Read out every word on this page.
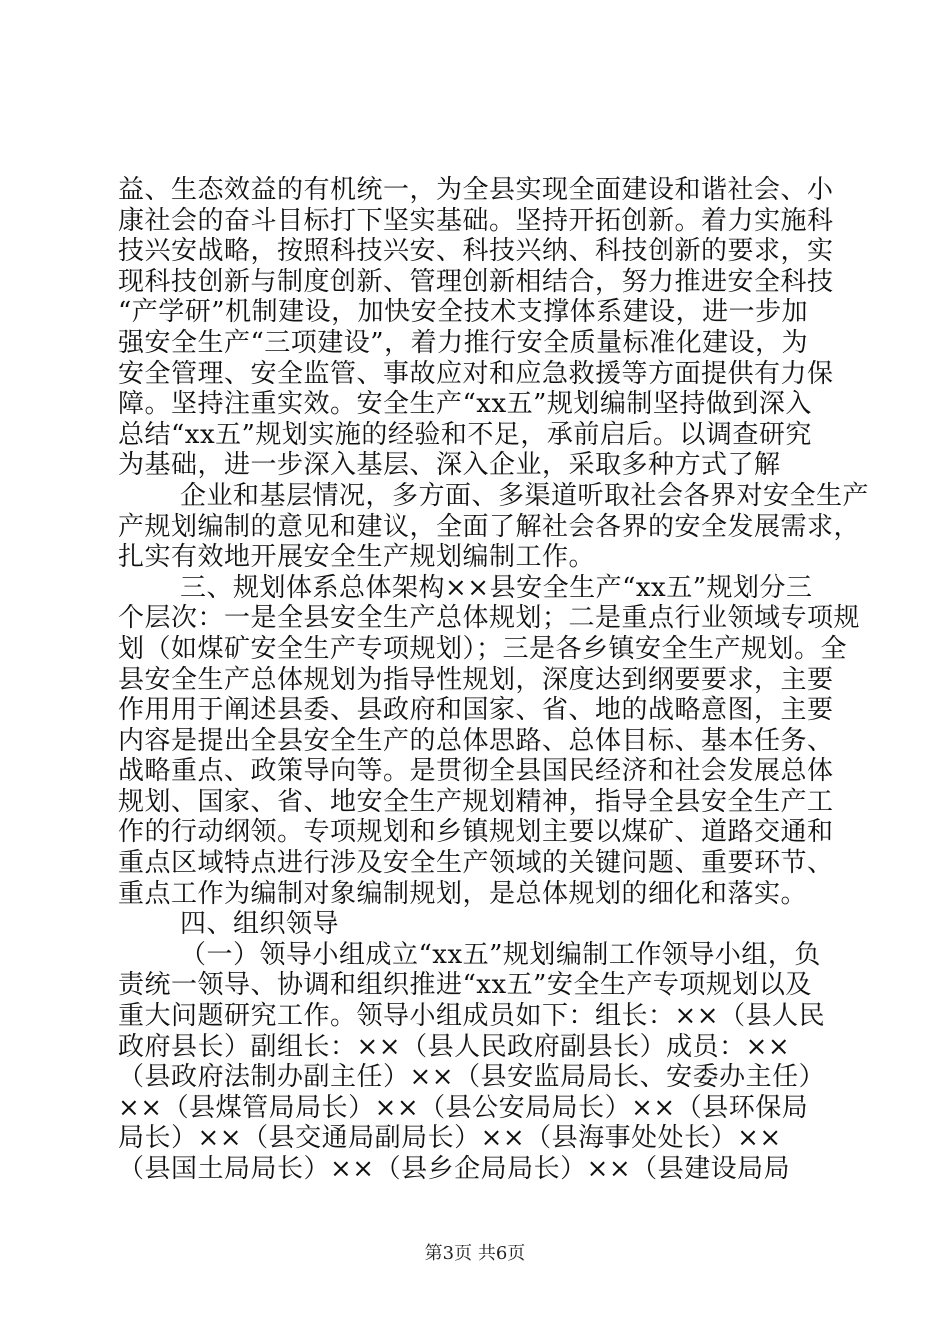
益、生态效益的有机统一，为全县实现全面建设和谐社会、小
康社会的奋斗目标打下坚实基础。坚持开拓创新。着力实施科
技兴安战略，按照科技兴安、科技兴纳、科技创新的要求，实
现科技创新与制度创新、管理创新相结合，努力推进安全科技
“产学研”机制建设，加快安全技术支撑体系建设，进一步加
强安全生产“三项建设”，着力推行安全质量标准化建设，为
安全管理、安全监管、事故应对和应急救援等方面提供有力保
障。坚持注重实效。安全生产“xx五”规划编制坚持做到深入
总结“xx五”规划实施的经验和不足，承前启后。以调查研究
为基础，进一步深入基层、深入企业，采取多种方式了解
企业和基层情况，多方面、多渠道听取社会各界对安全生产
产规划编制的意见和建议，全面了解社会各界的安全发展需求，
扎实有效地开展安全生产规划编制工作。
三、规划体系总体架构××县安全生产“xx五”规划分三
个层次：一是全县安全生产总体规划；二是重点行业领域专项规
划（如煤矿安全生产专项规划）；三是各乡镇安全生产规划。全
县安全生产总体规划为指导性规划，深度达到纲要要求，主要
作用用于阐述县委、县政府和国家、省、地的战略意图，主要
内容是提出全县安全生产的总体思路、总体目标、基本任务、
战略重点、政策导向等。是贯彻全县国民经济和社会发展总体
规划、国家、省、地安全生产规划精神，指导全县安全生产工
作的行动纲领。专项规划和乡镇规划主要以煤矿、道路交通和
重点区域特点进行涉及安全生产领域的关键问题、重要环节、
重点工作为编制对象编制规划，是总体规划的细化和落实。
四、组织领导
（一）领导小组成立“xx五”规划编制工作领导小组，负
责统一领导、协调和组织推进“xx五”安全生产专项规划以及
重大问题研究工作。领导小组成员如下：组长：××（县人民
政府县长）副组长：××（县人民政府副县长）成员：××
（县政府法制办副主任）××（县安监局局长、安委办主任）
××（县煤管局局长）××（县公安局局长）××（县环保局
局长）××（县交通局副局长）××（县海事处处长）××
（县国土局局长）××（县乡企局局长）××（县建设局局
第3页 共6页
